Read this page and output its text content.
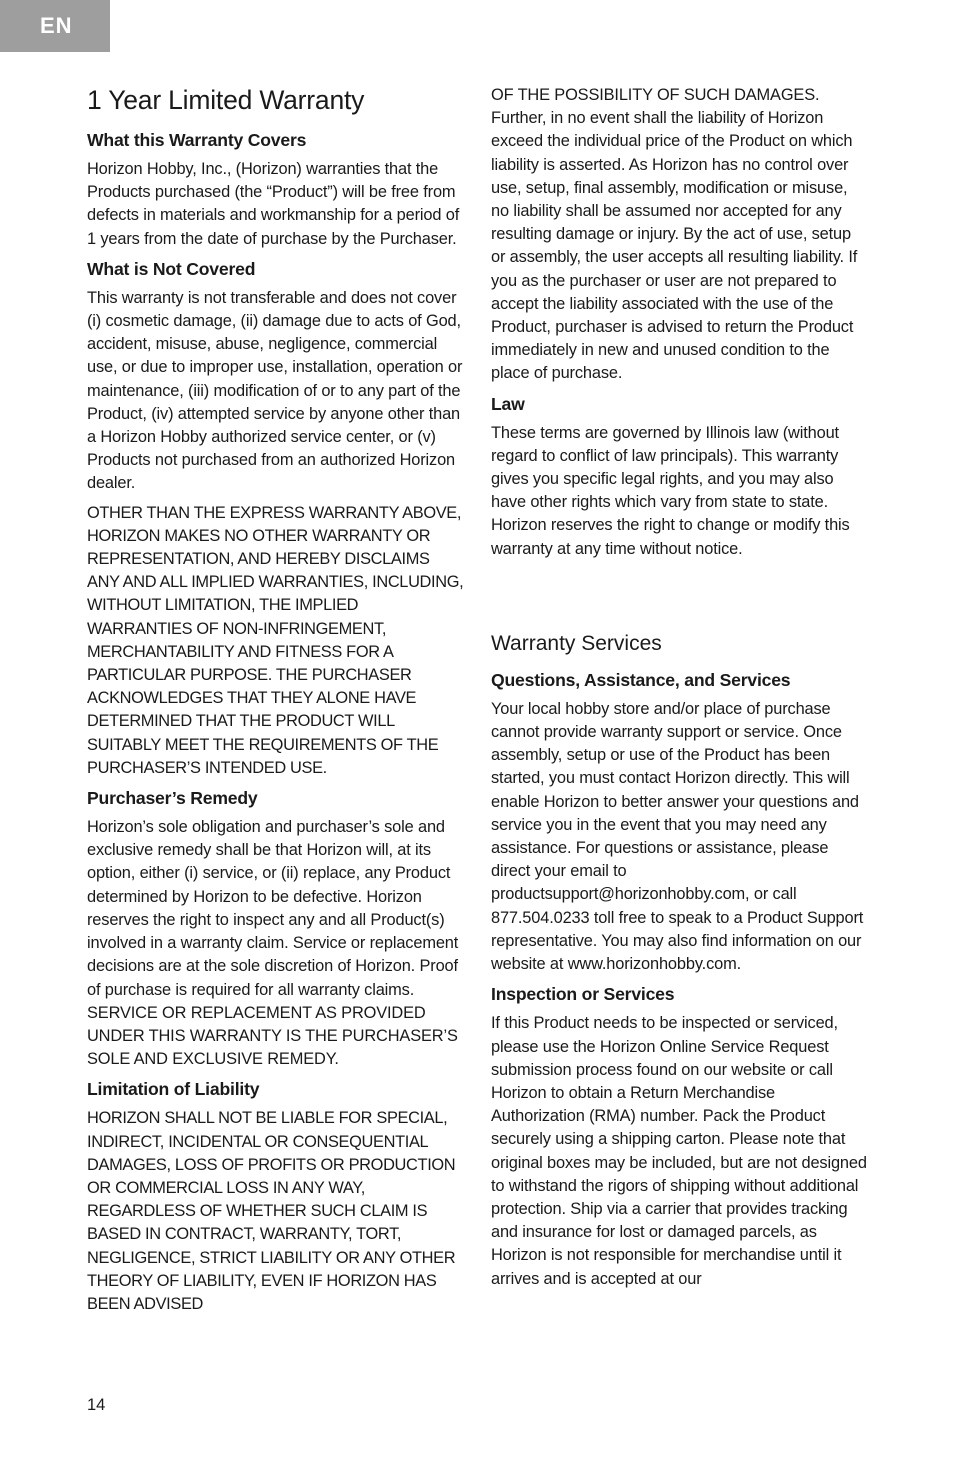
EN
1 Year Limited Warranty
What this Warranty Covers

Horizon Hobby, Inc., (Horizon) warranties that the Products purchased (the “Product”) will be free from defects in materials and workmanship for a period of 1 years from the date of purchase by the Purchaser.

What is Not Covered

This warranty is not transferable and does not cover (i) cosmetic damage, (ii) damage due to acts of God, accident, misuse, abuse, negligence, commercial use, or due to improper use, installation, operation or maintenance, (iii) modification of or to any part of the Product, (iv) attempted service by anyone other than a Horizon Hobby authorized service center, or (v) Products not purchased from an authorized Horizon dealer.

OTHER THAN THE EXPRESS WARRANTY ABOVE, HORIZON MAKES NO OTHER WARRANTY OR REPRESENTATION, AND HEREBY DISCLAIMS ANY AND ALL IMPLIED WARRANTIES, INCLUDING, WITHOUT LIMITATION, THE IMPLIED WARRANTIES OF NON-INFRINGEMENT, MERCHANTABILITY AND FITNESS FOR A PARTICULAR PURPOSE. THE PURCHASER ACKNOWLEDGES THAT THEY ALONE HAVE DETERMINED THAT THE PRODUCT WILL SUITABLY MEET THE REQUIREMENTS OF THE PURCHASER’S INTENDED USE.

Purchaser’s Remedy

Horizon’s sole obligation and purchaser’s sole and exclusive remedy shall be that Horizon will, at its option, either (i) service, or (ii) replace, any Product determined by Horizon to be defective. Horizon reserves the right to inspect any and all Product(s) involved in a warranty claim. Service or replacement decisions are at the sole discretion of Horizon. Proof of purchase is required for all warranty claims. SERVICE OR REPLACEMENT AS PROVIDED UNDER THIS WARRANTY IS THE PURCHASER’S SOLE AND EXCLUSIVE REMEDY.

Limitation of Liability

HORIZON SHALL NOT BE LIABLE FOR SPECIAL, INDIRECT, INCIDENTAL OR CONSEQUENTIAL DAMAGES, LOSS OF PROFITS OR PRODUCTION OR COMMERCIAL LOSS IN ANY WAY, REGARDLESS OF WHETHER SUCH CLAIM IS BASED IN CONTRACT, WARRANTY, TORT, NEGLIGENCE, STRICT LIABILITY OR ANY OTHER THEORY OF LIABILITY, EVEN IF HORIZON HAS BEEN ADVISED

OF THE POSSIBILITY OF SUCH DAMAGES. Further, in no event shall the liability of Horizon exceed the individual price of the Product on which liability is asserted. As Horizon has no control over use, setup, final assembly, modification or misuse, no liability shall be assumed nor accepted for any resulting damage or injury. By the act of use, setup or assembly, the user accepts all resulting liability. If you as the purchaser or user are not prepared to accept the liability associated with the use of the Product, purchaser is advised to return the Product immediately in new and unused condition to the place of purchase.

Law

These terms are governed by Illinois law (without regard to conflict of law principals). This warranty gives you specific legal rights, and you may also have other rights which vary from state to state. Horizon reserves the right to change or modify this warranty at any time without notice.

Warranty Services
Questions, Assistance, and Services

Your local hobby store and/or place of purchase cannot provide warranty support or service. Once assembly, setup or use of the Product has been started, you must contact Horizon directly. This will enable Horizon to better answer your questions and service you in the event that you may need any assistance. For questions or assistance, please direct your email to productsupport@horizonhobby.com, or call 877.504.0233 toll free to speak to a Product Support representative. You may also find information on our website at www.horizonhobby.com.

Inspection or Services

If this Product needs to be inspected or serviced, please use the Horizon Online Service Request submission process found on our website or call Horizon to obtain a Return Merchandise Authorization (RMA) number. Pack the Product securely using a shipping carton. Please note that original boxes may be included, but are not designed to withstand the rigors of shipping without additional protection. Ship via a carrier that provides tracking and insurance for lost or damaged parcels, as Horizon is not responsible for merchandise until it arrives and is accepted at our

14
